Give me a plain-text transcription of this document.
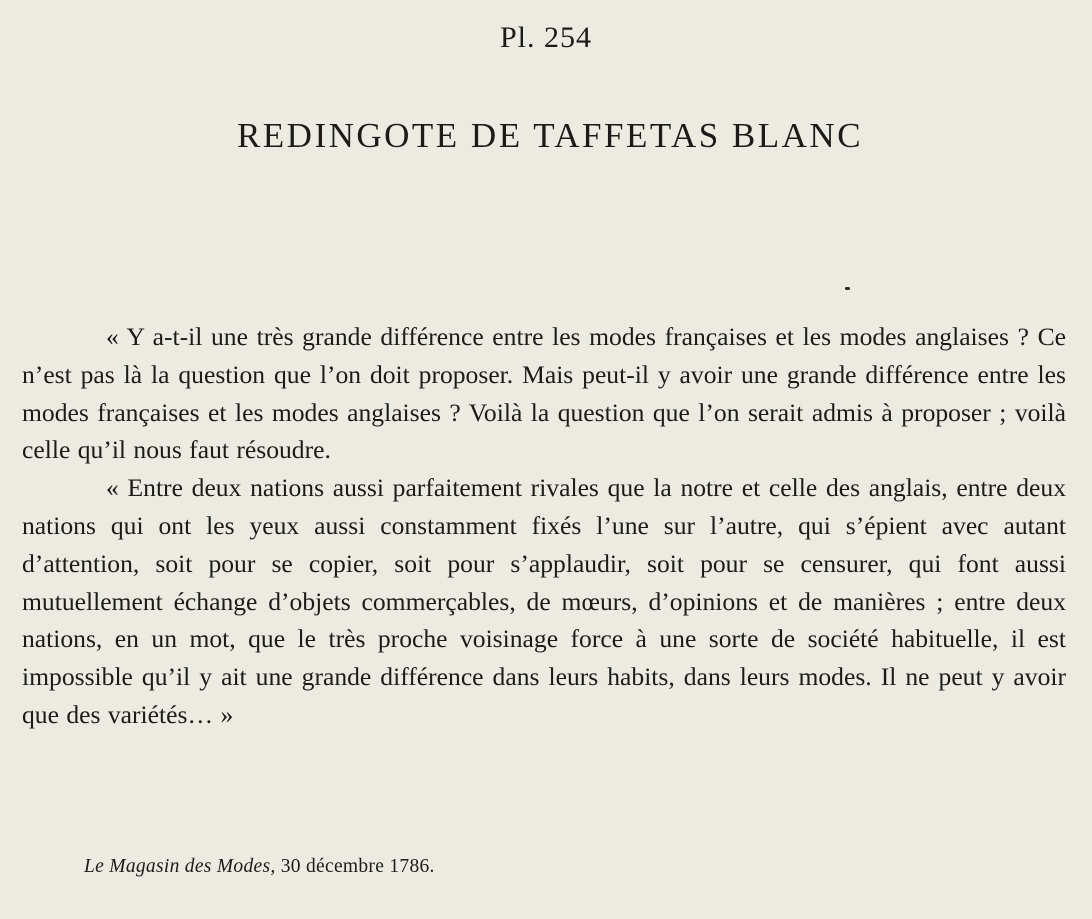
Pl. 254
REDINGOTE DE TAFFETAS BLANC

« Y a-t-il une très grande différence entre les modes françaises et les modes anglaises ? Ce n’est pas là la question que l’on doit proposer. Mais peut-il y avoir une grande différence entre les modes françaises et les modes anglaises ? Voilà la question que l’on serait admis à proposer ; voilà celle qu’il nous faut résoudre.

« Entre deux nations aussi parfaitement rivales que la notre et celle des anglais, entre deux nations qui ont les yeux aussi constamment fixés l’une sur l’autre, qui s’épient avec autant d’attention, soit pour se copier, soit pour s’applaudir, soit pour se censurer, qui font aussi mutuellement échange d’objets commerçables, de mœurs, d’opinions et de manières ; entre deux nations, en un mot, que le très proche voisinage force à une sorte de société habituelle, il est impossible qu’il y ait une grande différence dans leurs habits, dans leurs modes. Il ne peut y avoir que des variétés… »

Le Magasin des Modes, 30 décembre 1786.
